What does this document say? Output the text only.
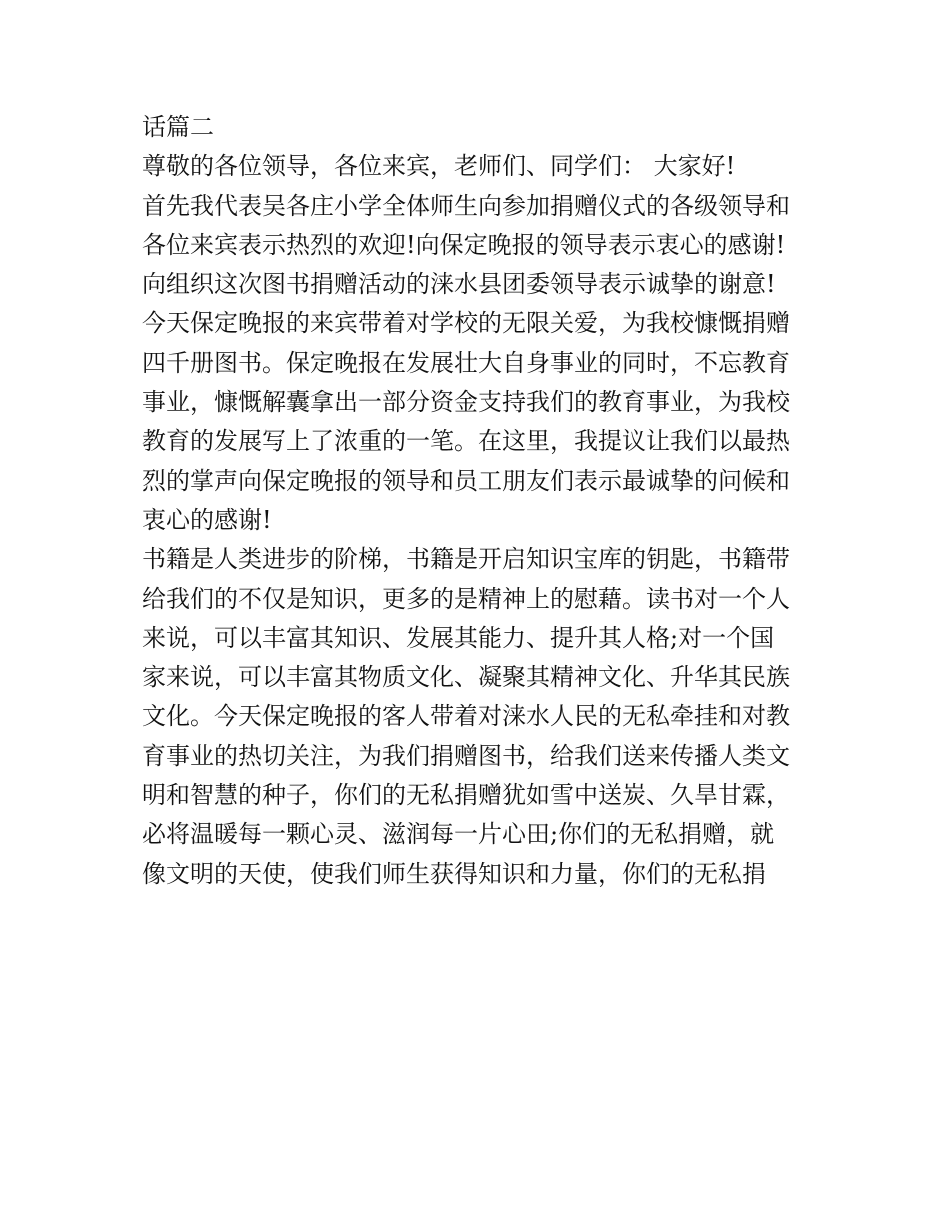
话篇二
尊敬的各位领导，各位来宾，老师们、同学们： 大家好!
首先我代表吴各庄小学全体师生向参加捐赠仪式的各级领导和
各位来宾表示热烈的欢迎!向保定晚报的领导表示衷心的感谢!
向组织这次图书捐赠活动的涞水县团委领导表示诚挚的谢意!
今天保定晚报的来宾带着对学校的无限关爱，为我校慷慨捐赠
四千册图书。保定晚报在发展壮大自身事业的同时，不忘教育
事业，慷慨解囊拿出一部分资金支持我们的教育事业，为我校
教育的发展写上了浓重的一笔。在这里，我提议让我们以最热
烈的掌声向保定晚报的领导和员工朋友们表示最诚挚的问候和
衷心的感谢!
书籍是人类进步的阶梯，书籍是开启知识宝库的钥匙，书籍带
给我们的不仅是知识，更多的是精神上的慰藉。读书对一个人
来说，可以丰富其知识、发展其能力、提升其人格;对一个国
家来说，可以丰富其物质文化、凝聚其精神文化、升华其民族
文化。今天保定晚报的客人带着对涞水人民的无私牵挂和对教
育事业的热切关注，为我们捐赠图书，给我们送来传播人类文
明和智慧的种子，你们的无私捐赠犹如雪中送炭、久旱甘霖，
必将温暖每一颗心灵、滋润每一片心田;你们的无私捐赠，就
像文明的天使，使我们师生获得知识和力量，你们的无私捐
